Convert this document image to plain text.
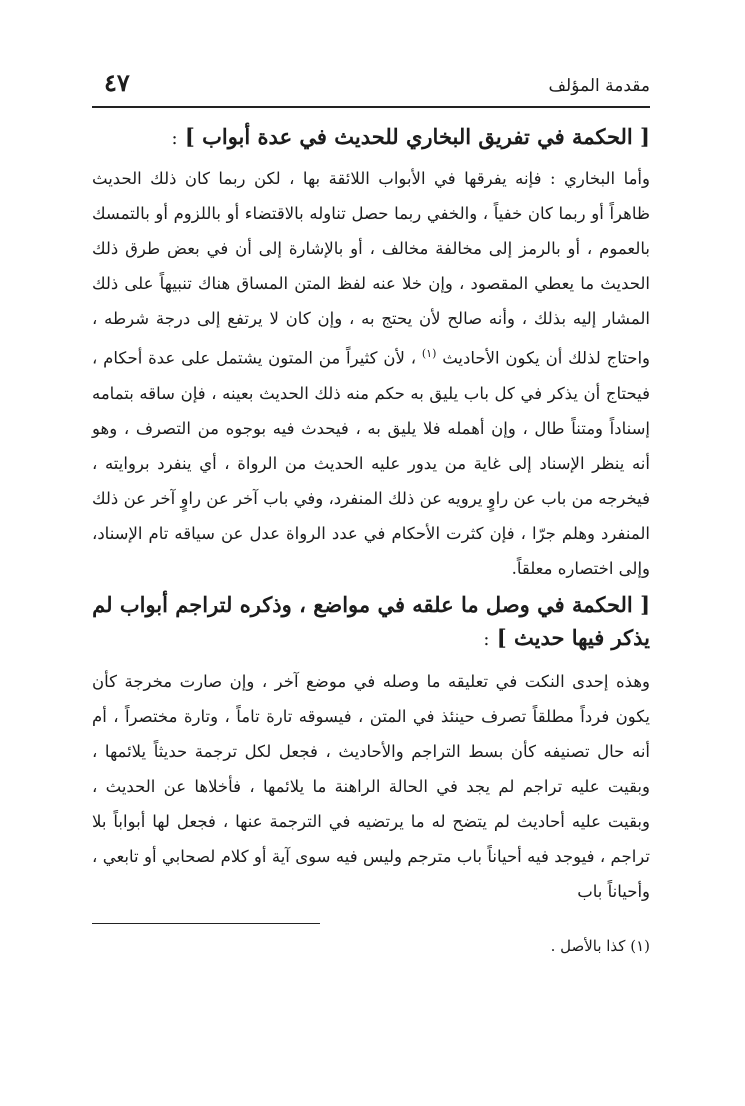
مقدمة المؤلف
٤٧

[ الحكمة في تفريق البخاري للحديث في عدة أبواب ] :

وأما البخاري : فإنه يفرقها في الأبواب اللائقة بها ، لكن ربما كان ذلك الحديث ظاهراً أو ربما كان خفياً ، والخفي ربما حصل تناوله بالاقتضاء أو باللزوم أو بالتمسك بالعموم ، أو بالرمز إلى مخالفة مخالف ، أو بالإشارة إلى أن في بعض طرق ذلك الحديث ما يعطي المقصود ، وإن خلا عنه لفظ المتن المساق هناك تنبيهاً على ذلك المشار إليه بذلك ، وأنه صالح لأن يحتج به ، وإن كان لا يرتفع إلى درجة شرطه ، واحتاج لذلك أن يكون الأحاديث $^{(١)}$ ، لأن كثيراً من المتون يشتمل على عدة أحكام ، فيحتاج أن يذكر في كل باب يليق به حكم منه ذلك الحديث بعينه ، فإن ساقه بتمامه إسناداً ومتناً طال ، وإن أهمله فلا يليق به ، فيحدث فيه بوجوه من التصرف ، وهو أنه ينظر الإسناد إلى غاية من يدور عليه الحديث من الرواة ، أي ينفرد بروايته ، فيخرجه من باب عن راوٍ يرويه عن ذلك المنفرد، وفي باب آخر عن راوٍ آخر عن ذلك المنفرد وهلم جرّا ، فإن كثرت الأحكام في عدد الرواة عدل عن سياقه تام الإسناد، وإلى اختصاره معلقاً.

[ الحكمة في وصل ما علقه في مواضع ، وذكره لتراجم أبواب لم يذكر فيها حديث ] :

وهذه إحدى النكت في تعليقه ما وصله في موضع آخر ، وإن صارت مخرجة كأن يكون فرداً مطلقاً تصرف حينئذ في المتن ، فيسوقه تارة تاماً ، وتارة مختصراً ، أم أنه حال تصنيفه كأن بسط التراجم والأحاديث ، فجعل لكل ترجمة حديثاً يلائمها ، وبقيت عليه تراجم لم يجد في الحالة الراهنة ما يلائمها ، فأخلاها عن الحديث ، وبقيت عليه أحاديث لم يتضح له ما يرتضيه في الترجمة عنها ، فجعل لها أبواباً بلا تراجم ، فيوجد فيه أحياناً باب مترجم وليس فيه سوى آية أو كلام لصحابي أو تابعي ، وأحياناً باب

(١) كذا بالأصل .
